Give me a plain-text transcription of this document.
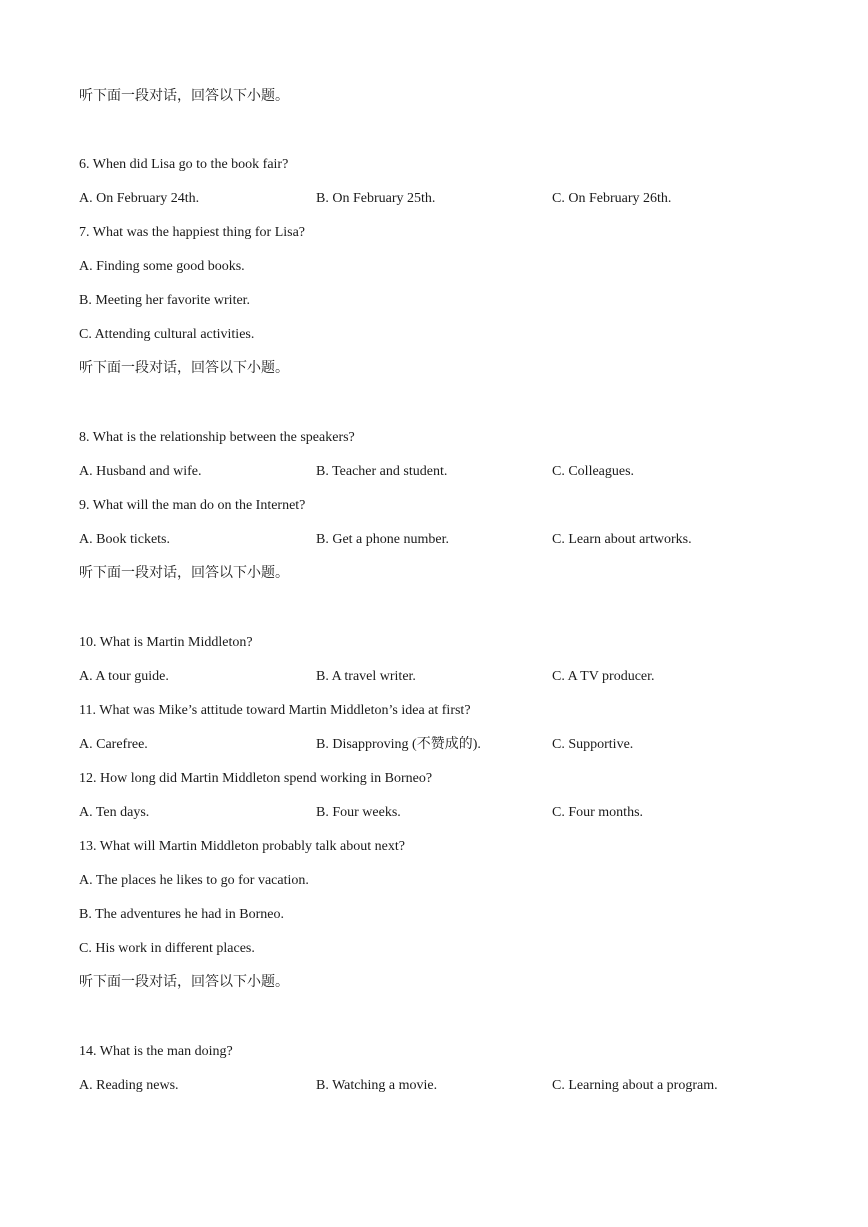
听下面一段对话，回答以下小题。
6. When did Lisa go to the book fair?
A. On February 24th.	B. On February 25th.	C. On February 26th.
7. What was the happiest thing for Lisa?
A. Finding some good books.
B. Meeting her favorite writer.
C. Attending cultural activities.
听下面一段对话，回答以下小题。
8. What is the relationship between the speakers?
A. Husband and wife.	B. Teacher and student.	C. Colleagues.
9. What will the man do on the Internet?
A. Book tickets.	B. Get a phone number.	C. Learn about artworks.
听下面一段对话，回答以下小题。
10. What is Martin Middleton?
A. A tour guide.	B. A travel writer.	C. A TV producer.
11. What was Mike’s attitude toward Martin Middleton’s idea at first?
A. Carefree.	B. Disapproving (不赞成的).	C. Supportive.
12. How long did Martin Middleton spend working in Borneo?
A. Ten days.	B. Four weeks.	C. Four months.
13. What will Martin Middleton probably talk about next?
A. The places he likes to go for vacation.
B. The adventures he had in Borneo.
C. His work in different places.
听下面一段对话，回答以下小题。
14. What is the man doing?
A. Reading news.	B. Watching a movie.	C. Learning about a program.
